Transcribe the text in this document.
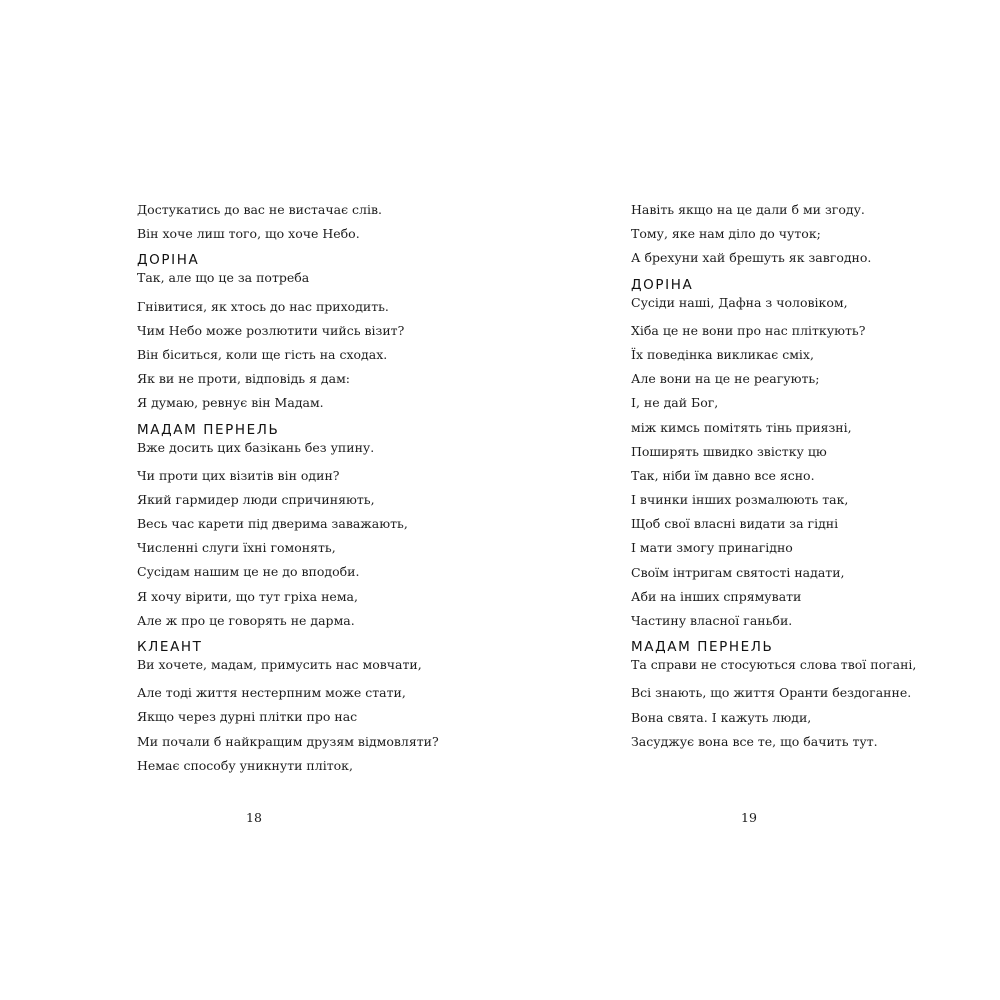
Достукатись до вас не вистачає слів.
Він хоче лиш того, що хоче Небо.
ДОРІНА
Так, але що це за потреба
Гнівитися, як хтось до нас приходить.
Чим Небо може розлютити чийсь візит?
Він біситься, коли ще гість на сходах.
Як ви не проти, відповідь я дам:
Я думаю, ревнує він Мадам.
МАДАМ ПЕРНЕЛЬ
Вже досить цих базікань без упину.
Чи проти цих візитів він один?
Який гармидер люди спричиняють,
Весь час карети під дверима заважають,
Численні слуги їхні гомонять,
Сусідам нашим це не до вподоби.
Я хочу вірити, що тут гріха нема,
Але ж про це говорять не дарма.
КЛЕАНТ
Ви хочете, мадам, примусить нас мовчати,
Але тоді життя нестерпним може стати,
Якщо через дурні плітки про нас
Ми почали б найкращим друзям відмовляти?
Немає способу уникнути пліток,
Навіть якщо на це дали б ми згоду.
Тому, яке нам діло до чуток;
А брехуни хай брешуть як завгодно.
ДОРІНА
Сусіди наші, Дафна з чоловіком,
Хіба це не вони про нас пліткують?
Їх поведінка викликає сміх,
Але вони на це не реагують;
І, не дай Бог,
між кимсь помітять тінь приязні,
Поширять швидко звістку цю
Так, ніби їм давно все ясно.
І вчинки інших розмалюють так,
Щоб свої власні видати за гідні
І мати змогу принагідно
Своїм інтригам святості надати,
Аби на інших спрямувати
Частину власної ганьби.
МАДАМ ПЕРНЕЛЬ
Та справи не стосуються слова твої погані,
Всі знають, що життя Оранти бездоганне.
Вона свята. І кажуть люди,
Засуджує вона все те, що бачить тут.
18	19
